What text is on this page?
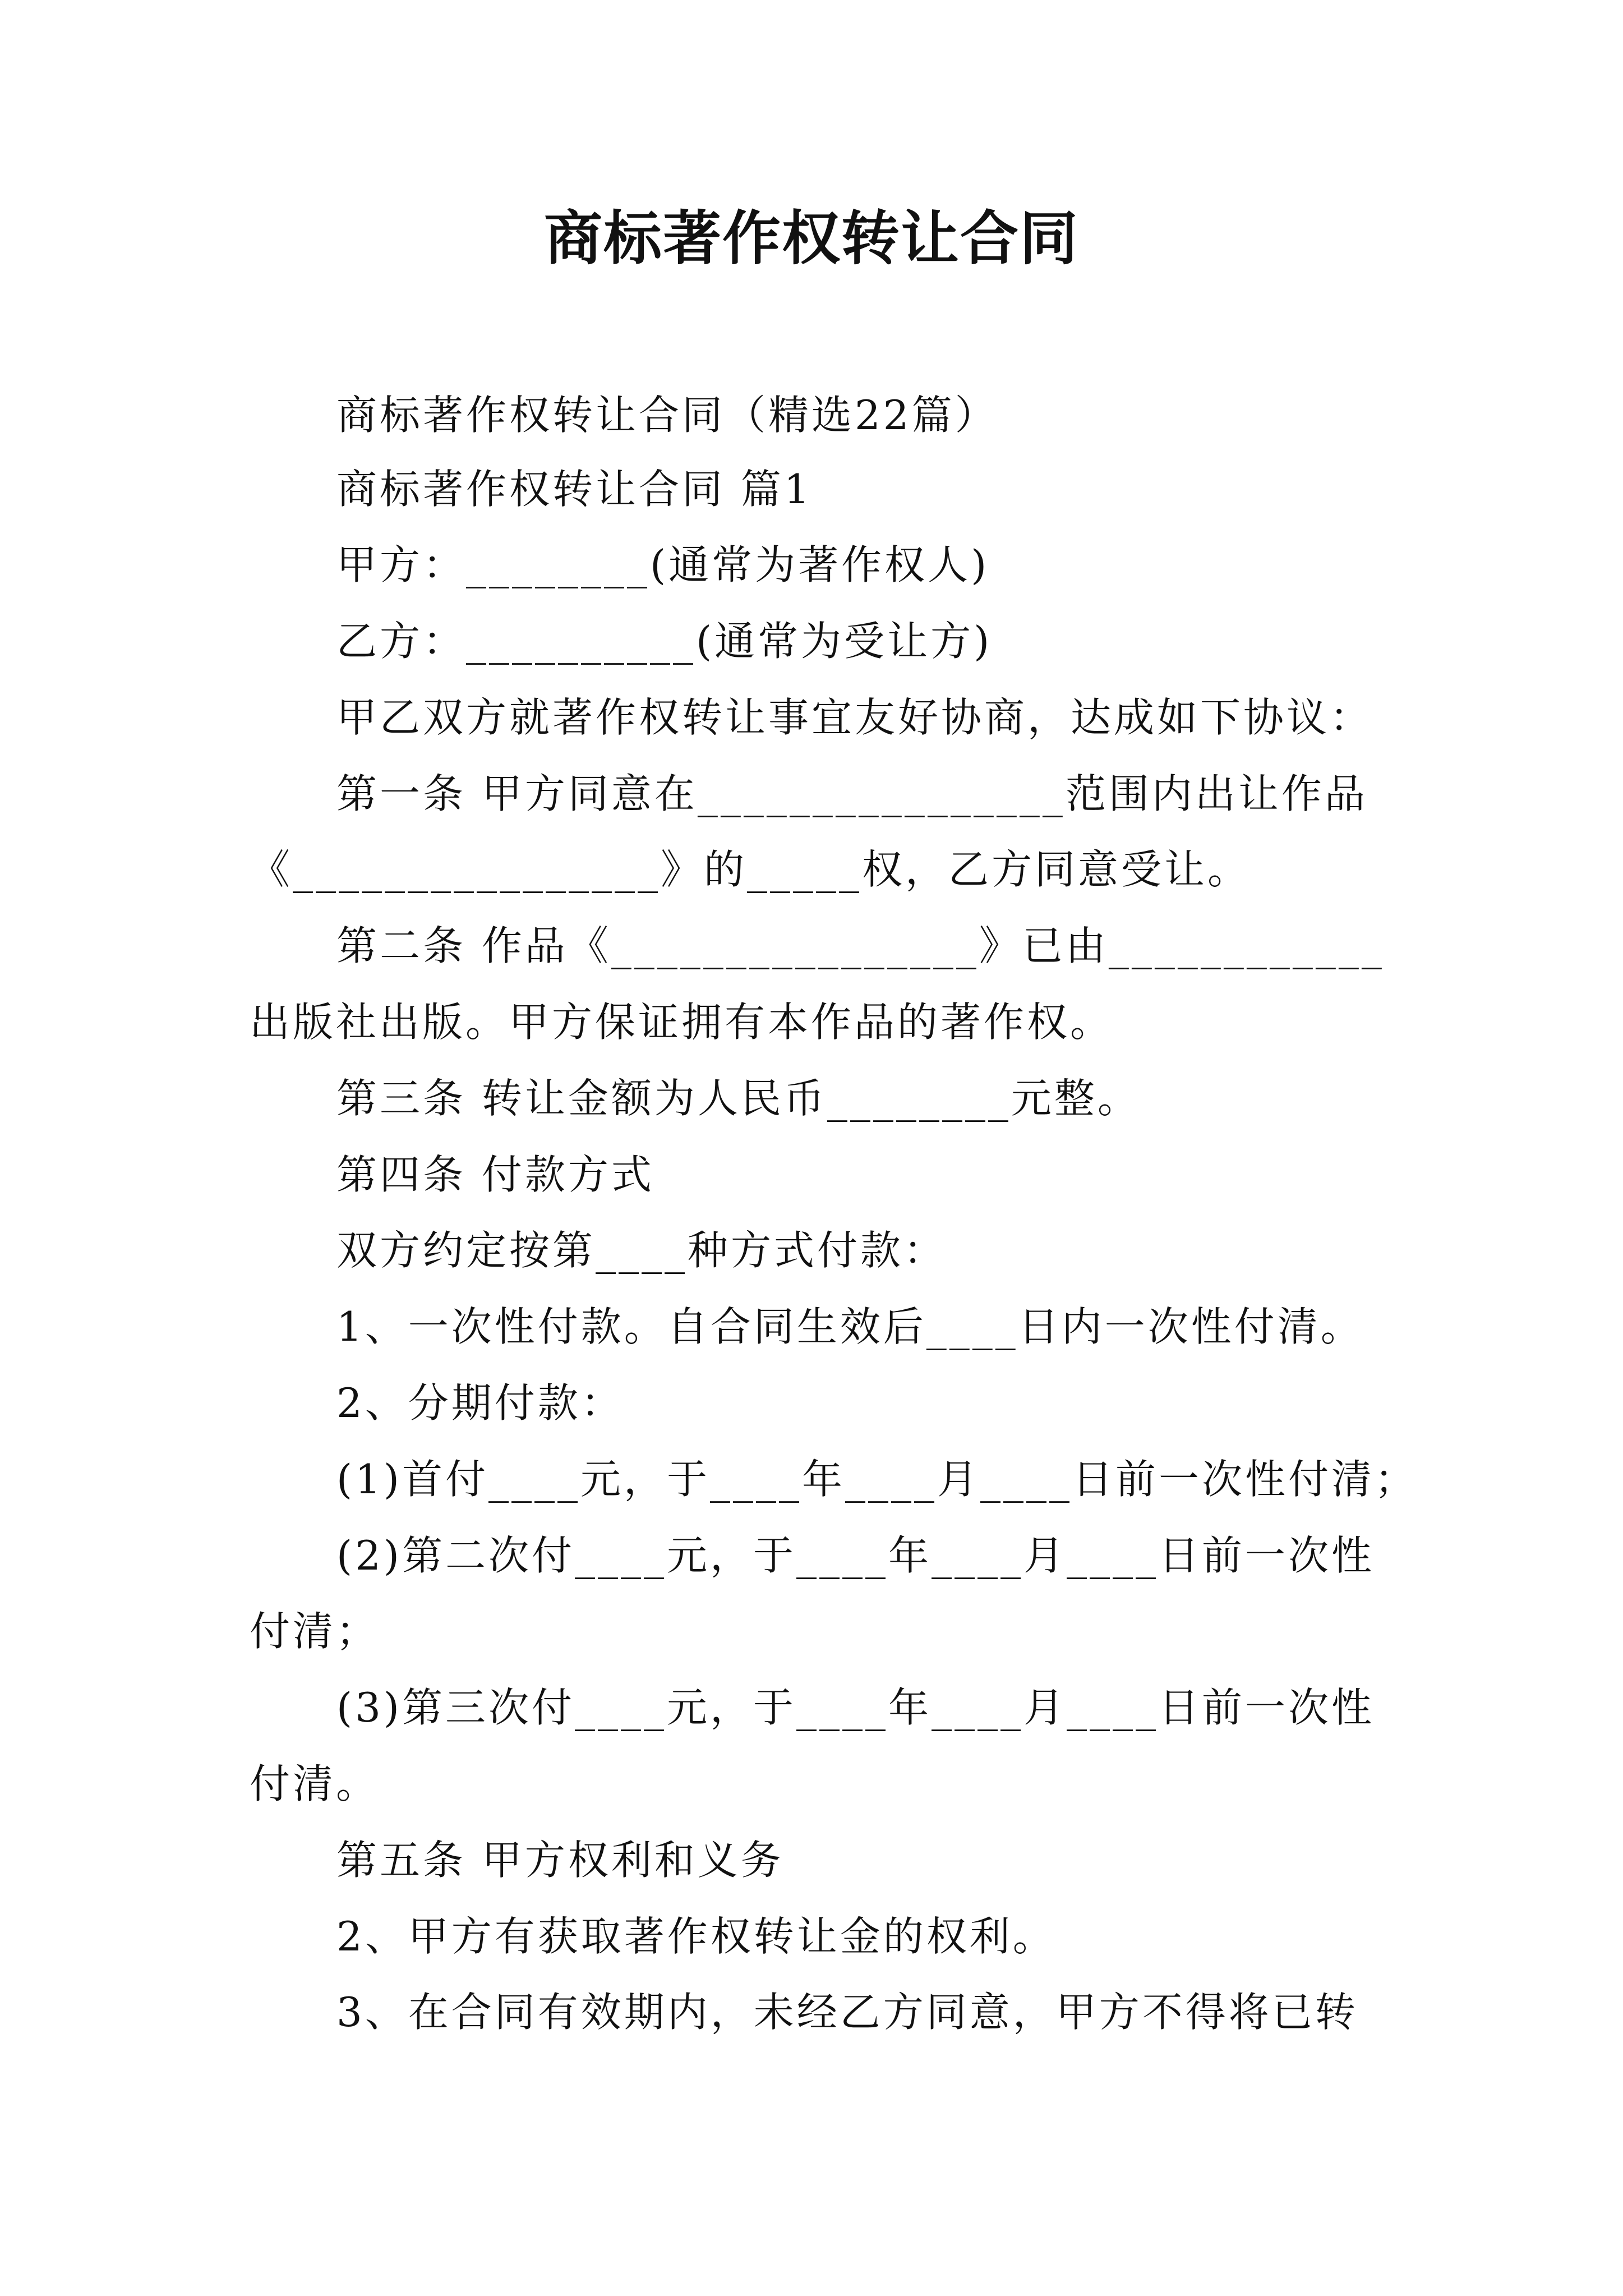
商标著作权转让合同
商标著作权转让合同（精选22篇）
商标著作权转让合同 篇1
甲方：________(通常为著作权人)
乙方：__________(通常为受让方)
甲乙双方就著作权转让事宜友好协商，达成如下协议：
第一条 甲方同意在________________范围内出让作品
《________________》的_____权，乙方同意受让。
第二条 作品《________________》已由____________
出版社出版。甲方保证拥有本作品的著作权。
第三条 转让金额为人民币________元整。
第四条 付款方式
双方约定按第____种方式付款：
1、一次性付款。自合同生效后____日内一次性付清。
2、分期付款：
(1)首付____元，于____年____月____日前一次性付清；
(2)第二次付____元，于____年____月____日前一次性
付清；
(3)第三次付____元，于____年____月____日前一次性
付清。
第五条 甲方权利和义务
2、甲方有获取著作权转让金的权利。
3、在合同有效期内，未经乙方同意，甲方不得将已转
